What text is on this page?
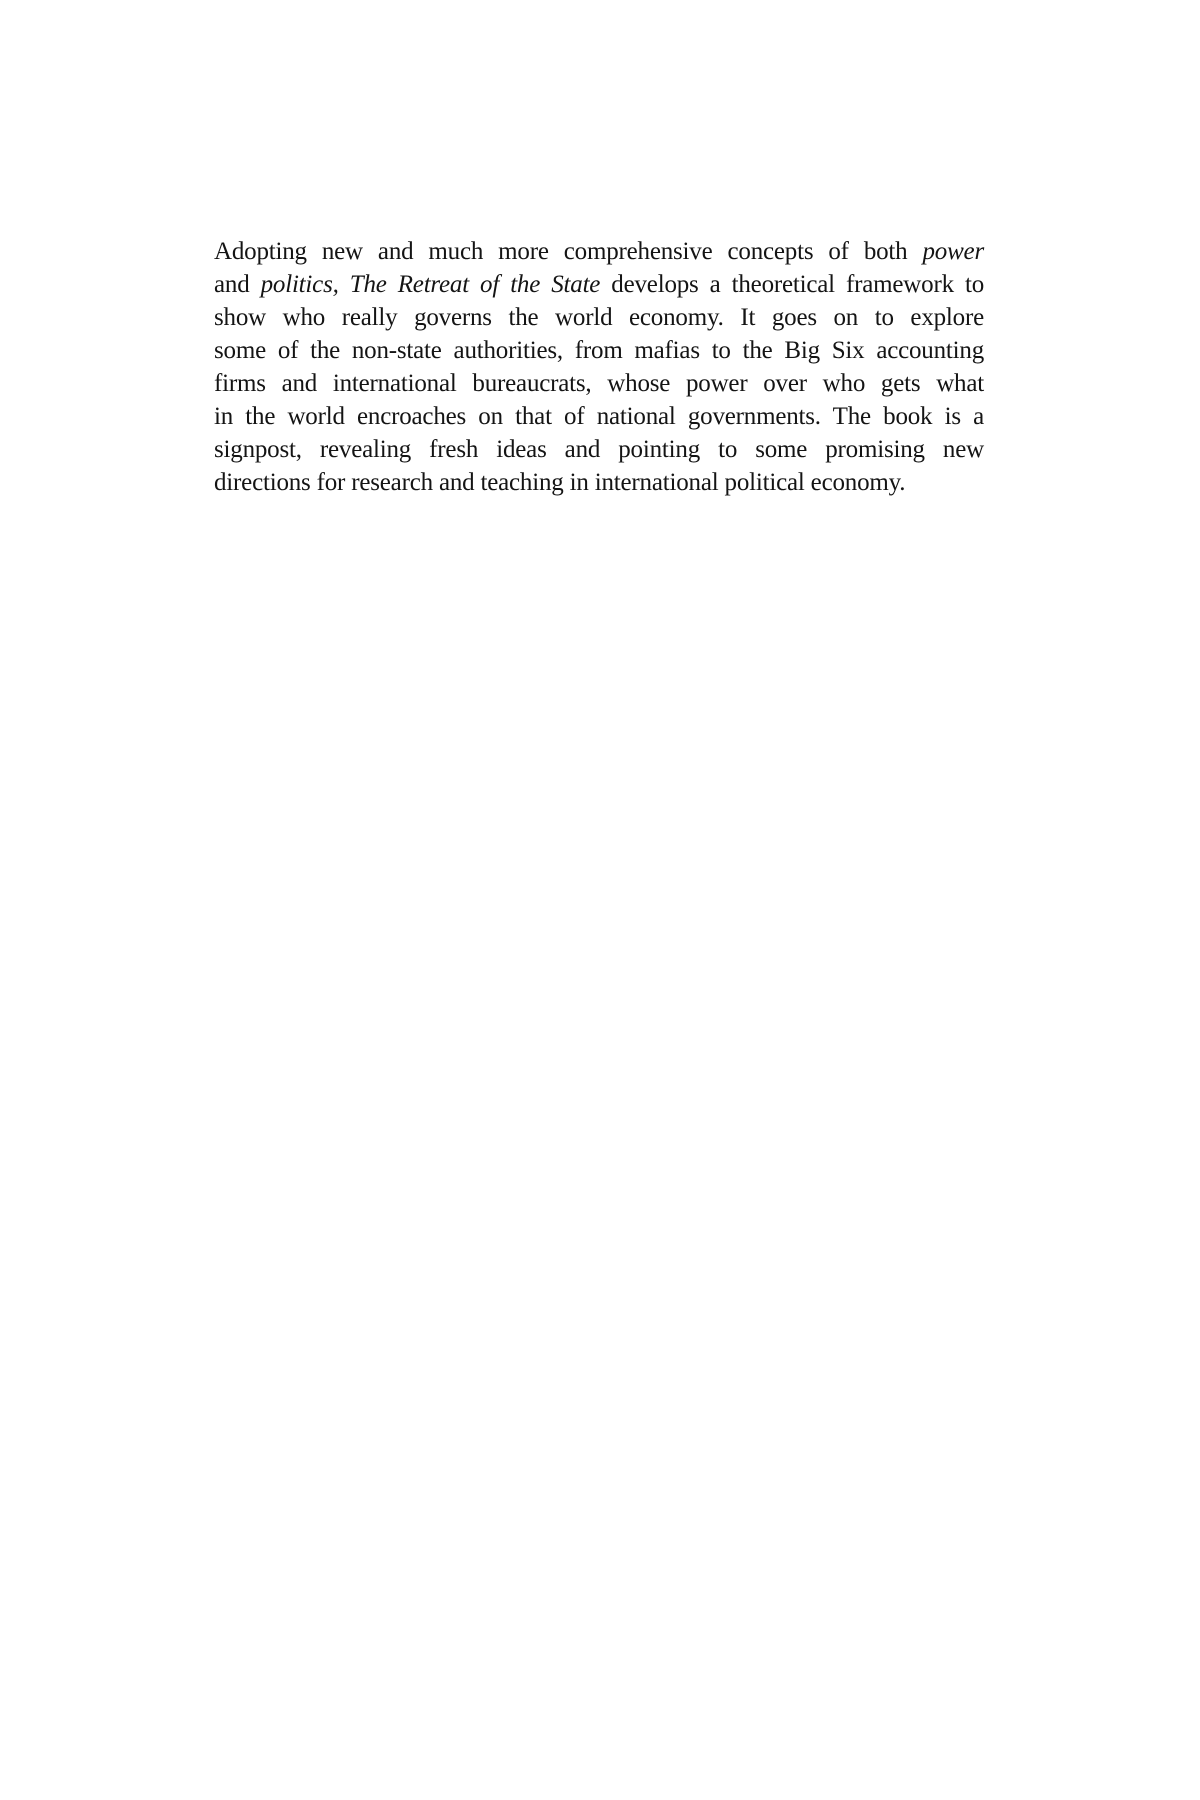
Adopting new and much more comprehensive concepts of both power
and politics, The Retreat of the State develops a theoretical framework to
show who really governs the world economy. It goes on to explore
some of the non-state authorities, from mafias to the Big Six accounting
firms and international bureaucrats, whose power over who gets what
in the world encroaches on that of national governments. The book is a
signpost, revealing fresh ideas and pointing to some promising new
directions for research and teaching in international political economy.
